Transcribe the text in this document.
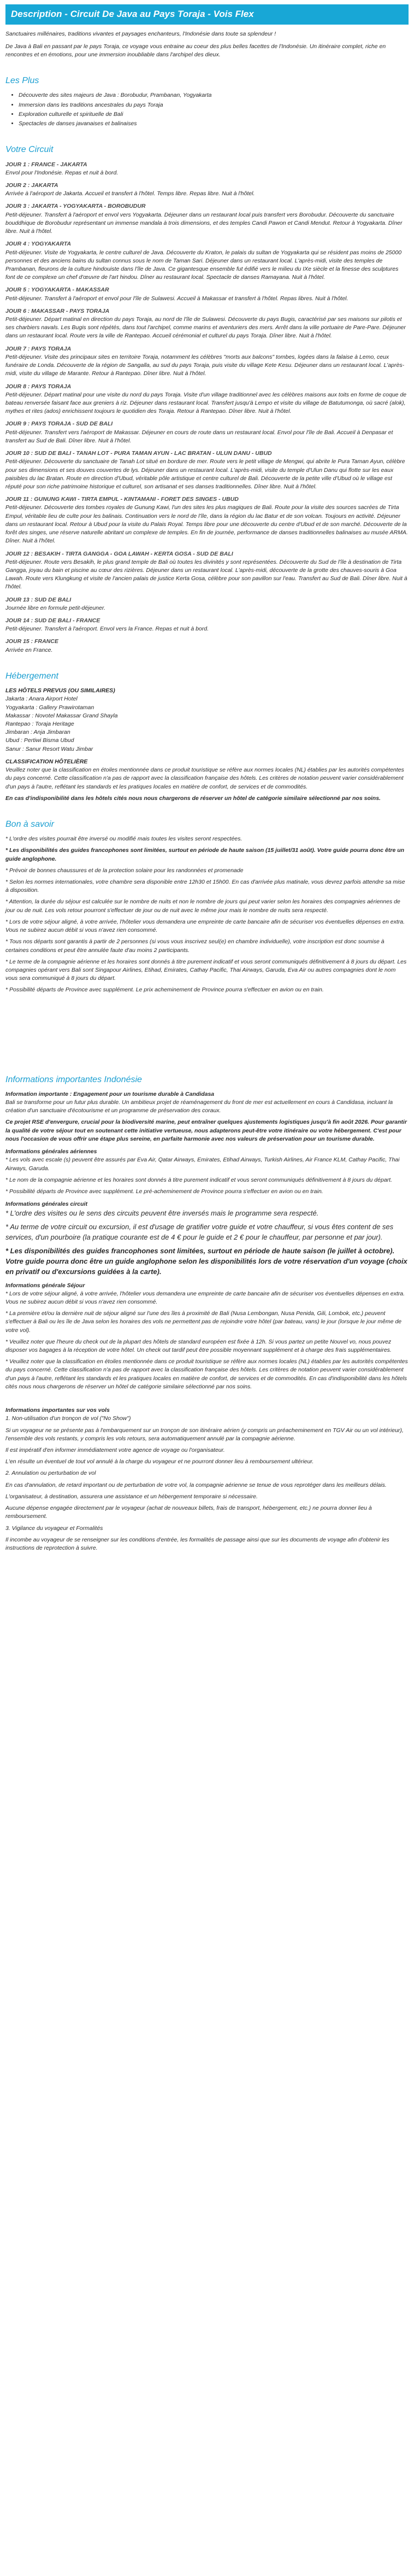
Description - Circuit De Java au Pays Toraja - Vois Flex

Sanctuaires millénaires, traditions vivantes et paysages enchanteurs, l'Indonésie dans toute sa splendeur !

De Java à Bali en passant par le pays Toraja, ce voyage vous entraine au coeur des plus belles facettes de l'Indonésie. Un itinéraire complet, riche en rencontres et en émotions, pour une immersion inoubliable dans l'archipel des dieux.

Les Plus
• Découverte des sites majeurs de Java : Borobudur, Prambanan, Yogyakarta
• Immersion dans les traditions ancestrales du pays Toraja
• Exploration culturelle et spirituelle de Bali
• Spectacles de danses javanaises et balinaises
Votre Circuit
JOUR 1 : FRANCE - JAKARTA
Envol pour l'Indonésie. Repas et nuit à bord.
JOUR 2 : JAKARTA
Arrivée à l'aéroport de Jakarta. Accueil et transfert à l'hôtel. Temps libre. Repas libre. Nuit à l'hôtel.
JOUR 3 : JAKARTA - YOGYAKARTA - BOROBUDUR
Petit-déjeuner. Transfert à l'aéroport et envol vers Yogyakarta. Déjeuner dans un restaurant local puis transfert vers Borobudur. Découverte du sanctuaire bouddhique de Borobudur représentant un immense mandala à trois dimensions, et des temples Candi Pawon et Candi Mendut. Retour à Yogyakarta. Dîner libre. Nuit à l'hôtel.
JOUR 4 : YOGYAKARTA
Petit-déjeuner. Visite de Yogyakarta, le centre culturel de Java. Découverte du Kraton, le palais du sultan de Yogyakarta qui se résident pas moins de 25000 personnes et des anciens bains du sultan connus sous le nom de Taman Sari. Déjeuner dans un restaurant local. L'après-midi, visite des temples de Prambanan, fleurons de la culture hindouiste dans l'île de Java. Ce gigantesque ensemble fut édifié vers le milieu du IXe siècle et la finesse des sculptures font de ce complexe un chef d'œuvre de l'art hindou. Dîner au restaurant local. Spectacle de danses Ramayana. Nuit à l'hôtel.
JOUR 5 : YOGYAKARTA - MAKASSAR
Petit-déjeuner. Transfert à l'aéroport et envol pour l'île de Sulawesi. Accueil à Makassar et transfert à l'hôtel. Repas libres. Nuit à l'hôtel.
JOUR 6 : MAKASSAR - PAYS TORAJA
Petit-déjeuner. Départ matinal en direction du pays Toraja, au nord de l'île de Sulawesi. Découverte du pays Bugis, caractérisé par ses maisons sur pilotis et ses charbiers navals. Les Bugis sont répétés, dans tout l'archipel, comme marins et aventuriers des mers. Arrêt dans la ville portuaire de Pare-Pare. Déjeuner dans un restaurant local. Route vers la ville de Rantepao. Accueil cérémonial et culturel du pays Toraja. Dîner libre. Nuit à l'hôtel.
JOUR 7 : PAYS TORAJA
Petit-déjeuner. Visite des principaux sites en territoire Toraja, notamment les célèbres "morts aux balcons" tombes, logées dans la falaise à Lemo, ceux funéraire de Londa. Découverte de la région de Sangalla, au sud du pays Toraja, puis visite du village Kete Kesu. Déjeuner dans un restaurant local. L'après-midi, visite du village de Marante. Retour à Rantepao. Dîner libre. Nuit à l'hôtel.
JOUR 8 : PAYS TORAJA
Petit-déjeuner. Départ matinal pour une visite du nord du pays Toraja. Visite d'un village traditionnel avec les célèbres maisons aux toits en forme de coque de bateau renversée faisant face aux greniers à riz. Déjeuner dans restaurant local. Transfert jusqu'à Lempo et visite du village de Batutumonga, où sacré (alok), mythes et rites (ados) enrichissent toujours le quotidien des Toraja. Retour à Rantepao. Dîner libre. Nuit à l'hôtel.
JOUR 9 : PAYS TORAJA - SUD DE BALI
Petit-déjeuner. Transfert vers l'aéroport de Makassar. Déjeuner en cours de route dans un restaurant local. Envol pour l'île de Bali. Accueil à Denpasar et transfert au Sud de Bali. Dîner libre. Nuit à l'hôtel.
JOUR 10 : SUD DE BALI - TANAH LOT - PURA TAMAN AYUN - LAC BRATAN - ULUN DANU - UBUD
Petit-déjeuner. Découverte du sanctuaire de Tanah Lot situé en bordure de mer. Route vers le petit village de Mengwi, qui abrite le Pura Taman Ayun, célèbre pour ses dimensions et ses douves couvertes de lys. Déjeuner dans un restaurant local. L'après-midi, visite du temple d'Ulun Danu qui flotte sur les eaux paisibles du lac Bratan. Route en direction d'Ubud, véritable pôle artistique et centre culturel de Bali. Découverte de la petite ville d'Ubud où le village est réputé pour son riche patrimoine historique et culturel, son artisanat et ses danses traditionnelles. Dîner libre. Nuit à l'hôtel.
JOUR 11 : GUNUNG KAWI - TIRTA EMPUL - KINTAMANI - FORET DES SINGES - UBUD
Petit-déjeuner. Découverte des tombes royales de Gunung Kawi, l'un des sites les plus magiques de Bali. Route pour la visite des sources sacrées de Tirta Empul, véritable lieu de culte pour les balinais. Continuation vers le nord de l'île, dans la région du lac Batur et de son volcan. Toujours en activité. Déjeuner dans un restaurant local. Retour à Ubud pour la visite du Palais Royal. Temps libre pour une découverte du centre d'Ubud et de son marché. Découverte de la forêt des singes, une réserve naturelle abritant un complexe de temples. En fin de journée, performance de danses traditionnelles balinaises au musée ARMA. Dîner. Nuit à l'hôtel.
JOUR 12 : BESAKIH - TIRTA GANGGA - GOA LAWAH - KERTA GOSA - SUD DE BALI
Petit-déjeuner. Route vers Besakih, le plus grand temple de Bali où toutes les divinités y sont représentées. Découverte du Sud de l'île à destination de Tirta Gangga, joyau du bain et piscine au cœur des rizières. Déjeuner dans un restaurant local. L'après-midi, découverte de la grotte des chauves-souris à Goa Lawah. Route vers Klungkung et visite de l'ancien palais de justice Kerta Gosa, célèbre pour son pavillon sur l'eau. Transfert au Sud de Bali. Dîner libre. Nuit à l'hôtel.
JOUR 13 : SUD DE BALI
Journée libre en formule petit-déjeuner.
JOUR 14 : SUD DE BALI - FRANCE
Petit-déjeuner. Transfert à l'aéroport. Envol vers la France. Repas et nuit à bord.
JOUR 15 : FRANCE
Arrivée en France.
Hébergement
LES HÔTELS PREVUS (OU SIMILAIRES)

Jakarta : Anara Airport Hotel

Yogyakarta : Gallery Prawirotaman

Makassar : Novotel Makassar Grand Shayla

Rantepao : Toraja Heritage

Jimbaran : Anja Jimbaran

Ubud : Pertiwi Bisma Ubud

Sanur : Sanur Resort Watu Jimbar

CLASSIFICATION HÔTELIÈRE

Veuillez noter que la classification en étoiles mentionnée dans ce produit touristique se réfère aux normes locales (NL) établies par les autorités compétentes du pays concerné. Cette classification n'a pas de rapport avec la classification française des hôtels. Les critères de notation peuvent varier considérablement d'un pays à l'autre, reflétant les standards et les pratiques locales en matière de confort, de services et de commodités.

En cas d'indisponibilité dans les hôtels cités nous nous chargerons de réserver un hôtel de catégorie similaire sélectionné par nos soins.

Bon à savoir

* L'ordre des visites pourrait être inversé ou modifié mais toutes les visites seront respectées.

* Les disponibilités des guides francophones sont limitées, surtout en période de haute saison (15 juillet/31 août). Votre guide pourra donc être un guide anglophone.

* Prévoir de bonnes chaussures et de la protection solaire pour les randonnées et promenade

* Selon les normes internationales, votre chambre sera disponible entre 12h30 et 15h00. En cas d'arrivée plus matinale, vous devrez parfois attendre sa mise à disposition.

* Attention, la durée du séjour est calculée sur le nombre de nuits et non le nombre de jours qui peut varier selon les horaires des compagnies aériennes de jour ou de nuit. Les vols retour pourront s'effectuer de jour ou de nuit avec le même jour mais le nombre de nuits sera respecté.

* Lors de votre séjour aligné, à votre arrivée, l'hôtelier vous demandera une empreinte de carte bancaire afin de sécuriser vos éventuelles dépenses en extra. Vous ne subirez aucun débit si vous n'avez rien consommé.

* Tous nos départs sont garantis à partir de 2 personnes (si vous vous inscrivez seul(e) en chambre individuelle), votre inscription est donc soumise à certaines conditions et peut être annulée faute d'au moins 2 participants.

* Le terme de la compagnie aérienne et les horaires sont donnés à titre purement indicatif et vous seront communiqués définitivement à 8 jours du départ. Les compagnies opérant vers Bali sont Singapour Airlines, Etihad, Emirates, Cathay Pacific, Thai Airways, Garuda, Eva Air ou autres compagnies dont le nom vous sera communiqué à 8 jours du départ.

* Possibilité départs de Province avec supplément. Le prix acheminement de Province pourra s'effectuer en avion ou en train.

Informations importantes Indonésie
Information importante : Engagement pour un tourisme durable à Candidasa

Bali se transforme pour un futur plus durable. Un ambitieux projet de réaménagement du front de mer est actuellement en cours à Candidasa, incluant la création d'un sanctuaire d'écotourisme et un programme de préservation des coraux.

Ce projet RSE d'envergure, crucial pour la biodiversité marine, peut entraîner quelques ajustements logistiques jusqu'à fin août 2026. Pour garantir la qualité de votre séjour tout en soutenant cette initiative vertueuse, nous adapterons peut-être votre itinéraire ou votre hébergement. C'est pour nous l'occasion de vous offrir une étape plus sereine, en parfaite harmonie avec nos valeurs de préservation pour un tourisme durable.

Informations générales aériennes

* Les vols avec escale (s) peuvent être assurés par Eva Air, Qatar Airways, Emirates, Etihad Airways, Turkish Airlines, Air France KLM, Cathay Pacific, Thai Airways, Garuda.

* Le nom de la compagnie aérienne et les horaires sont donnés à titre purement indicatif et vous seront communiqués définitivement à 8 jours du départ.

* Possibilité départs de Province avec supplément. Le pré-acheminement de Province pourra s'effectuer en avion ou en train.

Informations générales circuit

* L'ordre des visites ou le sens des circuits peuvent être inversés mais le programme sera respecté.

* Au terme de votre circuit ou excursion, il est d'usage de gratifier votre guide et votre chauffeur, si vous êtes content de ses services, d'un pourboire (la pratique courante est de 4 € pour le guide et 2 € pour le chauffeur, par personne et par jour).

* Les disponibilités des guides francophones sont limitées, surtout en période de haute saison (le juillet à octobre). Votre guide pourra donc être un guide anglophone selon les disponibilités lors de votre réservation d'un voyage (choix en privatif ou d'excursions guidées à la carte).

Informations générale Séjour

* Lors de votre séjour aligné, à votre arrivée, l'hôtelier vous demandera une empreinte de carte bancaire afin de sécuriser vos éventuelles dépenses en extra. Vous ne subirez aucun débit si vous n'avez rien consommé.

* La première et/ou la dernière nuit de séjour aligné sur l'une des îles à proximité de Bali (Nusa Lembongan, Nusa Penida, Gili, Lombok, etc.) peuvent s'effectuer à Bali ou les île de Java selon les horaires des vols ne permettent pas de rejoindre votre hôtel (par bateau, vans) le jour (lorsque le jour même de votre vol).

* Veuillez noter que l'heure du check out de la plupart des hôtels de standard européen est fixée à 12h. Si vous partez un petite Nouvel vo, nous pouvez disposer vos bagages à la réception de votre hôtel. Un check out tardif peut être possible moyennant supplément et à charge des frais supplémentaires.

* Veuillez noter que la classification en étoiles mentionnée dans ce produit touristique se réfère aux normes locales (NL) établies par les autorités compétentes du pays concerné. Cette classification n'a pas de rapport avec la classification française des hôtels. Les critères de notation peuvent varier considérablement d'un pays à l'autre, reflétant les standards et les pratiques locales en matière de confort, de services et de commodités. En cas d'indisponibilité dans les hôtels cités nous nous chargerons de réserver un hôtel de catégorie similaire sélectionné par nos soins.

Informations importantes sur vos vols

1. Non-utilisation d'un tronçon de vol ("No Show")

Si un voyageur ne se présente pas à l'embarquement sur un tronçon de son itinéraire aérien (y compris un préacheminement en TGV Air ou un vol intérieur), l'ensemble des vols restants, y compris les vols retours, sera automatiquement annulé par la compagnie aérienne.

Il est impératif d'en informer immédiatement votre agence de voyage ou l'organisateur.

L'en résulte un éventuel de tout vol annulé à la charge du voyageur et ne pourront donner lieu à remboursement ultérieur.

2. Annulation ou perturbation de vol

En cas d'annulation, de retard important ou de perturbation de votre vol, la compagnie aérienne se tenue de vous reprotéger dans les meilleurs délais.

L'organisateur, à destination, assurera une assistance et un hébergement temporaire si nécessaire.

Aucune dépense engagée directement par le voyageur (achat de nouveaux billets, frais de transport, hébergement, etc.) ne pourra donner lieu à remboursement.

3. Vigilance du voyageur et Formalités

Il incombe au voyageur de se renseigner sur les conditions d'entrée, les formalités de passage ainsi que sur les documents de voyage afin d'obtenir les instructions de reprotection à suivre.
